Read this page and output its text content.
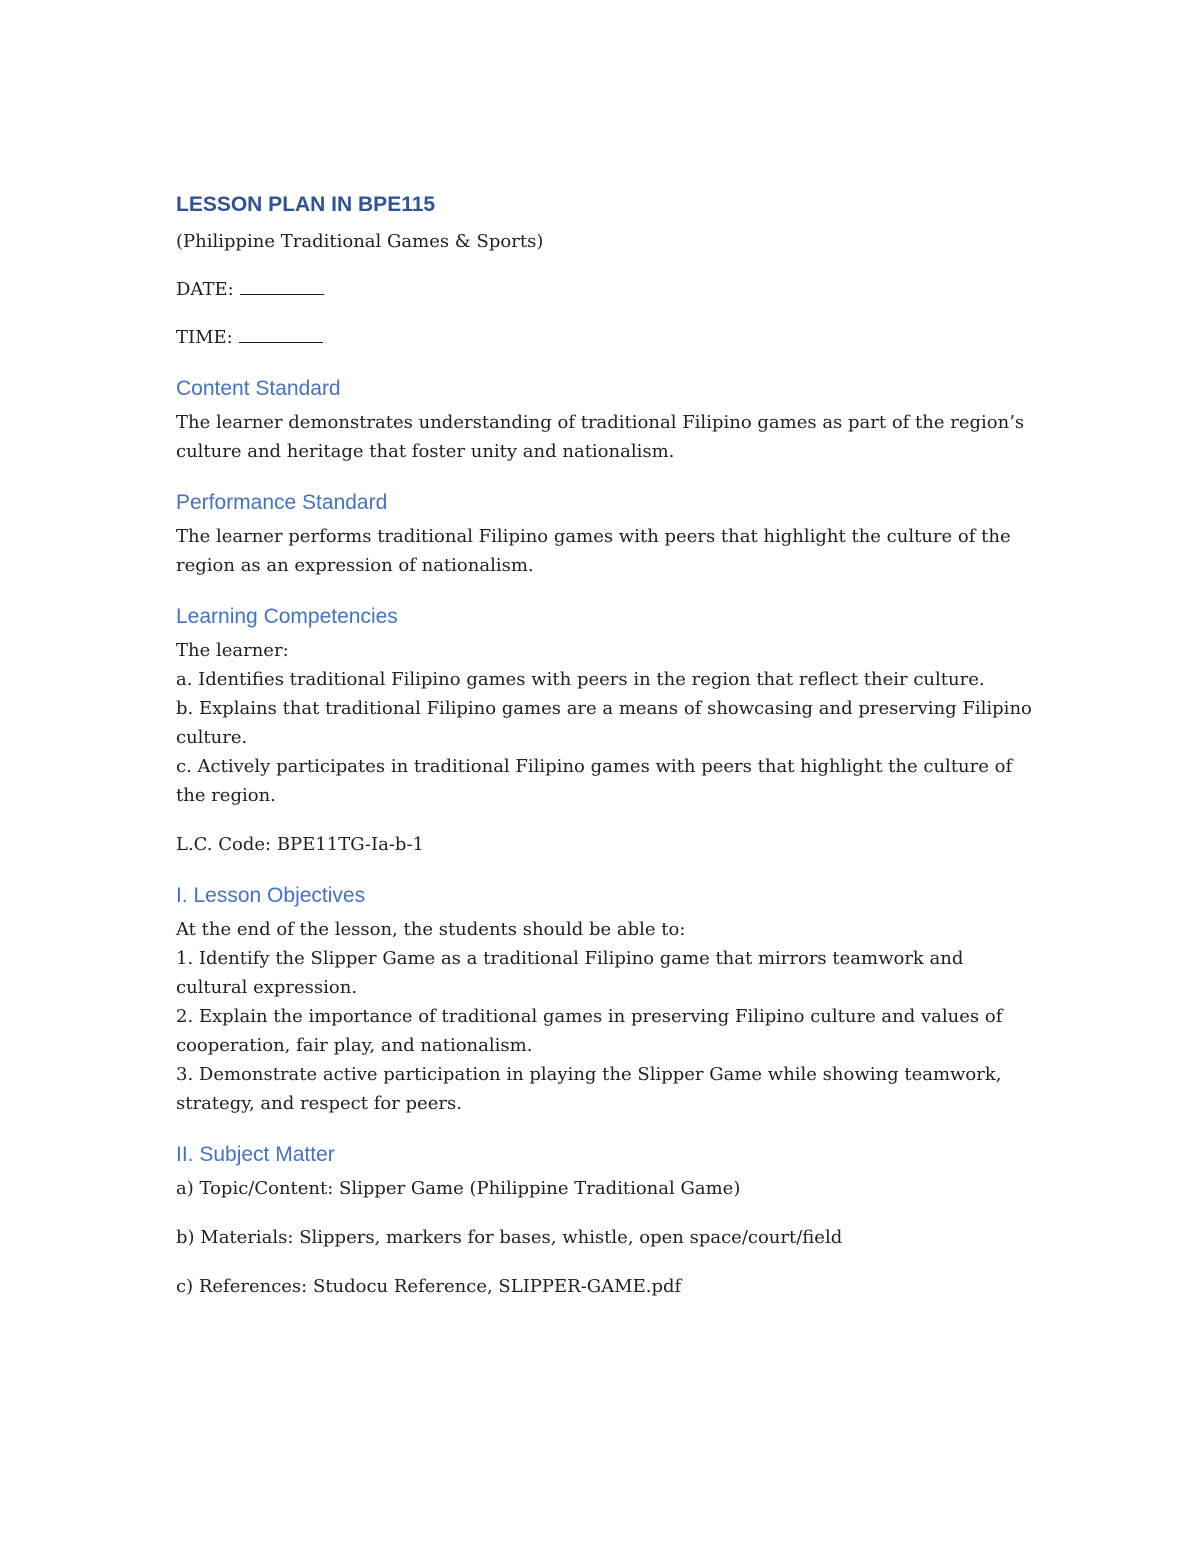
LESSON PLAN IN BPE115

(Philippine Traditional Games & Sports)

DATE:

TIME:

Content Standard

The learner demonstrates understanding of traditional Filipino games as part of the region’s culture and heritage that foster unity and nationalism.

Performance Standard

The learner performs traditional Filipino games with peers that highlight the culture of the region as an expression of nationalism.

Learning Competencies

The learner:

a. Identifies traditional Filipino games with peers in the region that reflect their culture.

b. Explains that traditional Filipino games are a means of showcasing and preserving Filipino culture.

c. Actively participates in traditional Filipino games with peers that highlight the culture of the region.

L.C. Code: BPE11TG-Ia-b-1

I. Lesson Objectives

At the end of the lesson, the students should be able to:

1. Identify the Slipper Game as a traditional Filipino game that mirrors teamwork and cultural expression.

2. Explain the importance of traditional games in preserving Filipino culture and values of cooperation, fair play, and nationalism.

3. Demonstrate active participation in playing the Slipper Game while showing teamwork, strategy, and respect for peers.

II. Subject Matter

a) Topic/Content: Slipper Game (Philippine Traditional Game)

b) Materials: Slippers, markers for bases, whistle, open space/court/field

c) References: Studocu Reference, SLIPPER-GAME.pdf
